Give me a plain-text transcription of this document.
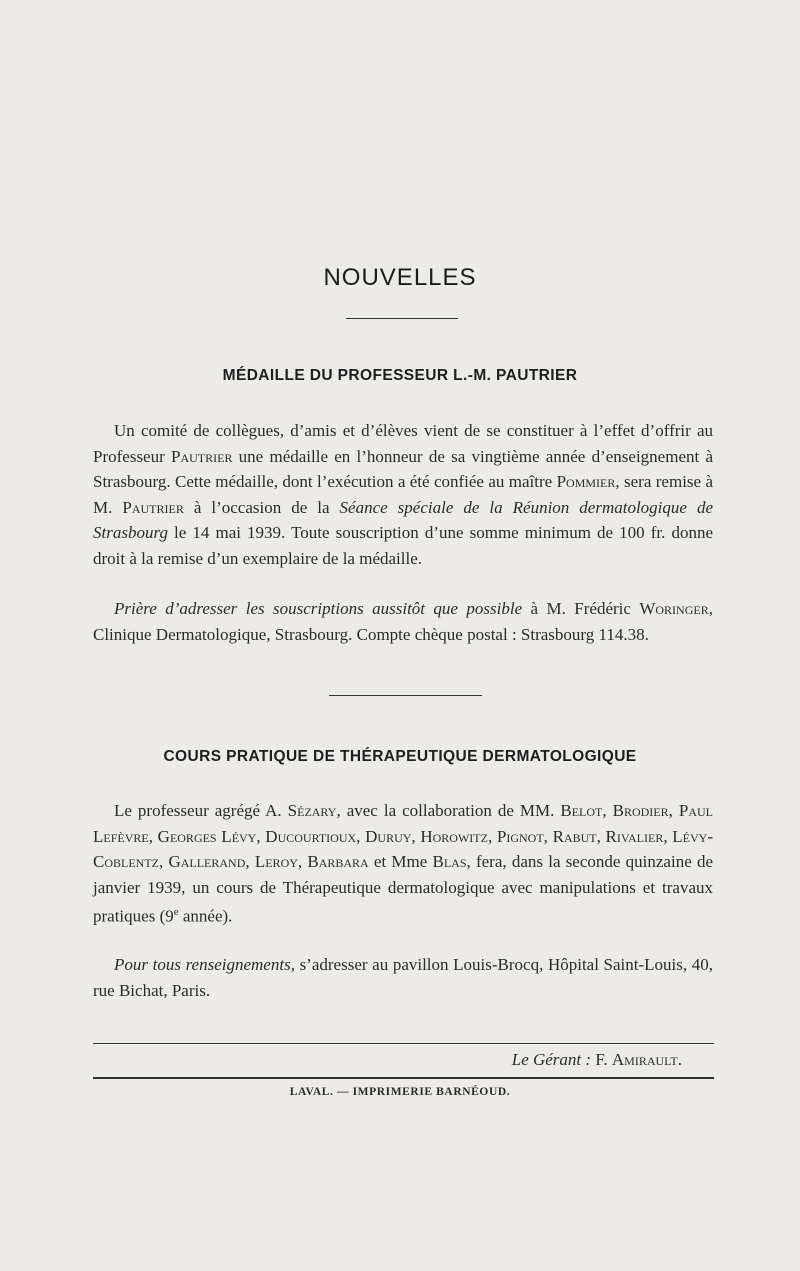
NOUVELLES
MÉDAILLE DU PROFESSEUR L.-M. PAUTRIER

Un comité de collègues, d’amis et d’élèves vient de se constituer à l’effet d’offrir au Professeur Pautrier une médaille en l’honneur de sa vingtième année d’enseignement à Strasbourg. Cette médaille, dont l’exécution a été confiée au maître Pommier, sera remise à M. Pautrier à l’occasion de la Séance spéciale de la Réunion dermatologique de Strasbourg le 14 mai 1939. Toute souscription d’une somme minimum de 100 fr. donne droit à la remise d’un exemplaire de la médaille.

Prière d’adresser les souscriptions aussitôt que possible à M. Frédéric Woringer, Clinique Dermatologique, Strasbourg. Compte chèque postal : Strasbourg 114.38.

COURS PRATIQUE DE THÉRAPEUTIQUE DERMATOLOGIQUE

Le professeur agrégé A. Sézary, avec la collaboration de MM. Belot, Brodier, Paul Lefèvre, Georges Lévy, Ducourtioux, Duruy, Horowitz, Pignot, Rabut, Rivalier, Lévy-Coblentz, Gallerand, Leroy, Barbara et Mme Blas, fera, dans la seconde quinzaine de janvier 1939, un cours de Thérapeutique dermatologique avec manipulations et travaux pratiques (9e année).

Pour tous renseignements, s’adresser au pavillon Louis-Brocq, Hôpital Saint-Louis, 40, rue Bichat, Paris.

Le Gérant : F. Amirault.
LAVAL. — IMPRIMERIE BARNÉOUD.
